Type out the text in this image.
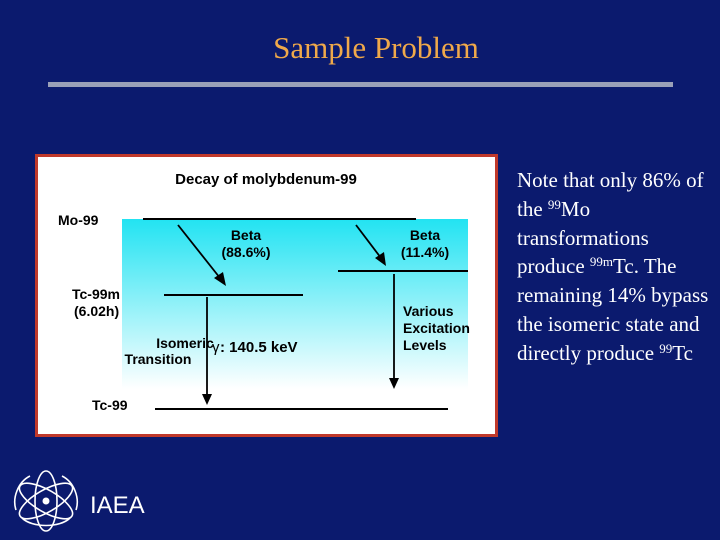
Sample Problem
Decay of molybdenum-99
Mo-99
Tc-99m
(6.02h)
Tc-99
Beta
(88.6%)
Beta
(11.4%)
Isomeric
Transition
γ : 140.5 keV
Various
Excitation
Levels
Note that only 86% of the $^{99}$Mo transformations produce $^{99m}$Tc. The remaining 14% bypass the isomeric state and directly produce $^{99}$Tc
IAEA
